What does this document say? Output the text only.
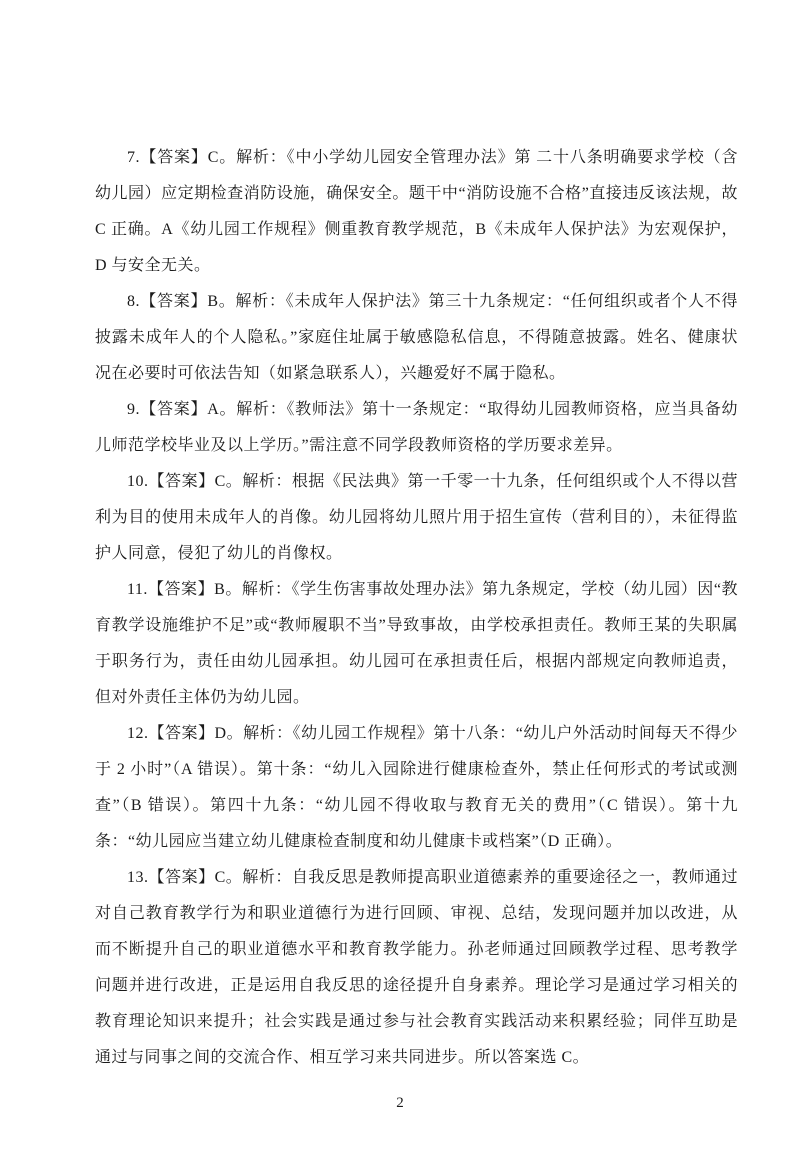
7.【答案】C。解析：《中小学幼儿园安全管理办法》第 二十八条明确要求学校（含幼儿园）应定期检查消防设施，确保安全。题干中“消防设施不合格”直接违反该法规，故 C 正确。A《幼儿园工作规程》侧重教育教学规范，B《未成年人保护法》为宏观保护，D 与安全无关。

8.【答案】B。解析：《未成年人保护法》第三十九条规定：“任何组织或者个人不得披露未成年人的个人隐私。”家庭住址属于敏感隐私信息，不得随意披露。姓名、健康状况在必要时可依法告知（如紧急联系人），兴趣爱好不属于隐私。

9.【答案】A。解析：《教师法》第十一条规定：“取得幼儿园教师资格，应当具备幼儿师范学校毕业及以上学历。”需注意不同学段教师资格的学历要求差异。

10.【答案】C。解析：根据《民法典》第一千零一十九条，任何组织或个人不得以营利为目的使用未成年人的肖像。幼儿园将幼儿照片用于招生宣传（营利目的），未征得监护人同意，侵犯了幼儿的肖像权。

11.【答案】B。解析：《学生伤害事故处理办法》第九条规定，学校（幼儿园）因“教育教学设施维护不足”或“教师履职不当”导致事故，由学校承担责任。教师王某的失职属于职务行为，责任由幼儿园承担。幼儿园可在承担责任后，根据内部规定向教师追责，但对外责任主体仍为幼儿园。

12.【答案】D。解析：《幼儿园工作规程》第十八条：“幼儿户外活动时间每天不得少于 2 小时”（A 错误）。第十条：“幼儿入园除进行健康检查外，禁止任何形式的考试或测查”（B 错误）。第四十九条：“幼儿园不得收取与教育无关的费用”（C 错误）。第十九条：“幼儿园应当建立幼儿健康检查制度和幼儿健康卡或档案”（D 正确）。

13.【答案】C。解析：自我反思是教师提高职业道德素养的重要途径之一，教师通过对自己教育教学行为和职业道德行为进行回顾、审视、总结，发现问题并加以改进，从而不断提升自己的职业道德水平和教育教学能力。孙老师通过回顾教学过程、思考教学问题并进行改进，正是运用自我反思的途径提升自身素养。理论学习是通过学习相关的教育理论知识来提升；社会实践是通过参与社会教育实践活动来积累经验；同伴互助是通过与同事之间的交流合作、相互学习来共同进步。所以答案选 C。

2
